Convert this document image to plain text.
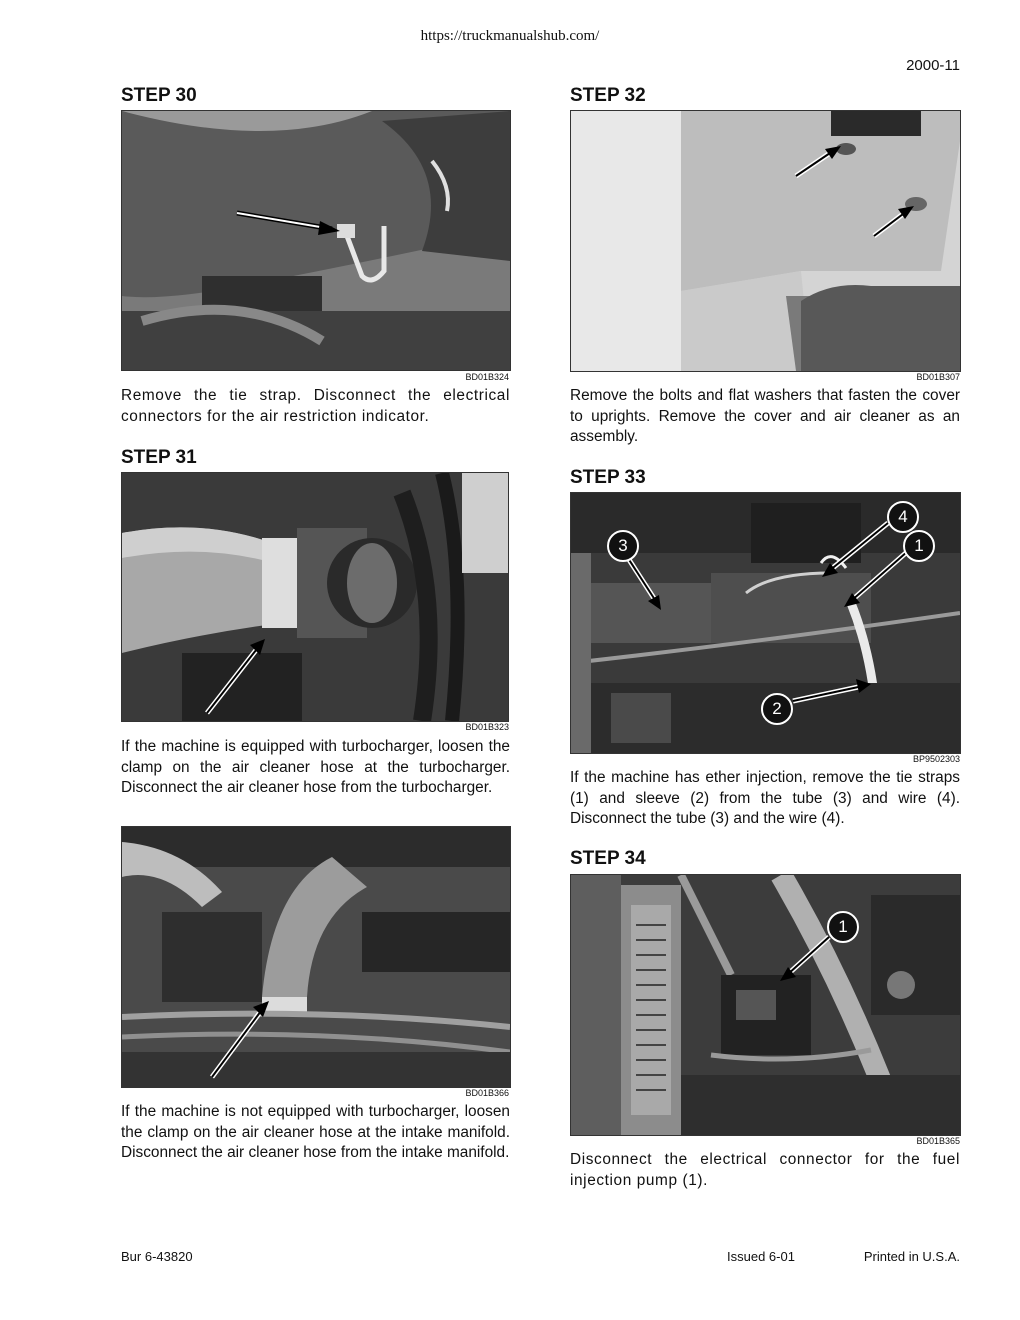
https://truckmanualshub.com/
2000-11
STEP 30
BD01B324
Remove the tie strap. Disconnect the electrical connectors for the air restriction indicator.
STEP 31
BD01B323
If the machine is equipped with turbocharger, loosen the clamp on the air cleaner hose at the turbocharger. Disconnect the air cleaner hose from the turbocharger.
BD01B366
If the machine is not equipped with turbocharger, loosen the clamp on the air cleaner hose at the intake manifold. Disconnect the air cleaner hose from the intake manifold.
STEP 32
BD01B307
Remove the bolts and flat washers that fasten the cover to uprights. Remove the cover and air cleaner as an assembly.
STEP 33
3
4
1
2
BP9502303
If the machine has ether injection, remove the tie straps (1) and sleeve (2) from the tube (3) and wire (4). Disconnect the tube (3) and the wire (4).
STEP 34
1
BD01B365
Disconnect the electrical connector for the fuel injection pump (1).
Bur 6-43820	Issued 6-01	Printed in U.S.A.
